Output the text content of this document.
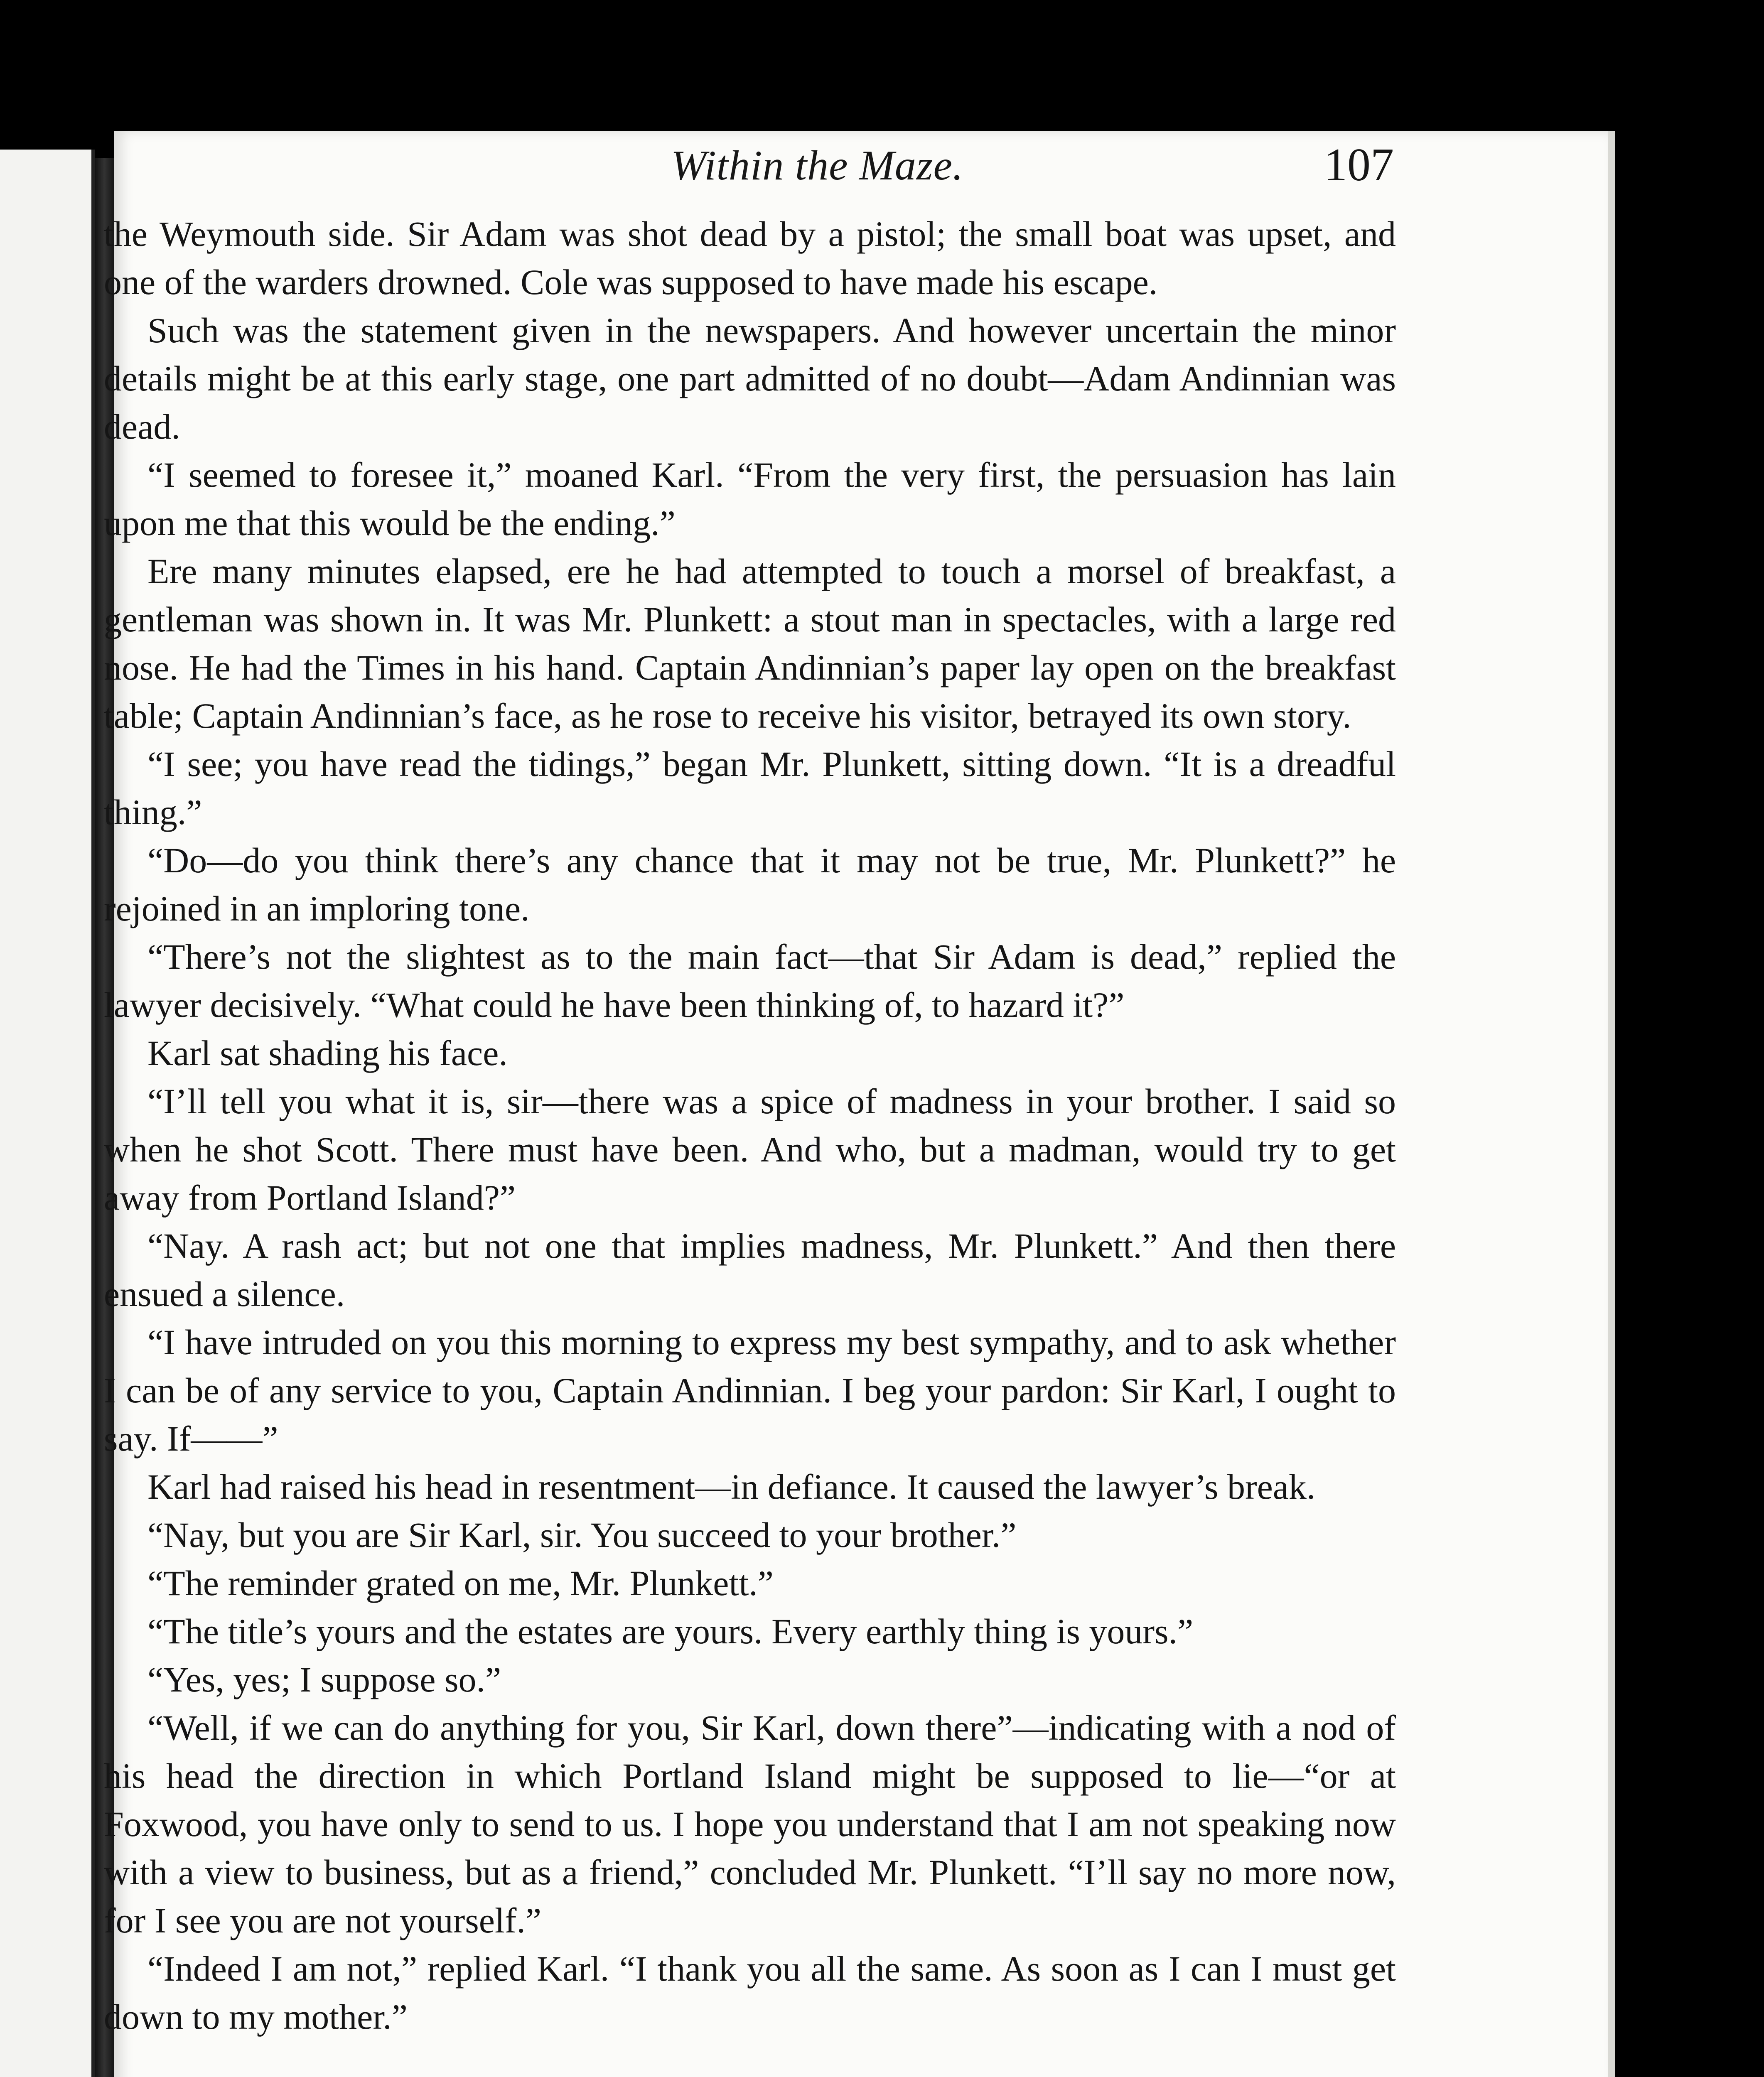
Within the Maze.	107

the Weymouth side. Sir Adam was shot dead by a pistol; the small boat was upset, and one of the warders drowned. Cole was supposed to have made his escape.

Such was the statement given in the newspapers. And however uncertain the minor details might be at this early stage, one part admitted of no doubt—Adam Andinnian was dead.

“I seemed to foresee it,” moaned Karl. “From the very first, the persuasion has lain upon me that this would be the ending.”

Ere many minutes elapsed, ere he had attempted to touch a morsel of breakfast, a gentleman was shown in. It was Mr. Plunkett: a stout man in spectacles, with a large red nose. He had the Times in his hand. Captain Andinnian’s paper lay open on the breakfast table; Captain Andinnian’s face, as he rose to receive his visitor, betrayed its own story.

“I see; you have read the tidings,” began Mr. Plunkett, sitting down. “It is a dreadful thing.”

“Do—do you think there’s any chance that it may not be true, Mr. Plunkett?” he rejoined in an imploring tone.

“There’s not the slightest as to the main fact—that Sir Adam is dead,” replied the lawyer decisively. “What could he have been thinking of, to hazard it?”

Karl sat shading his face.

“I’ll tell you what it is, sir—there was a spice of madness in your brother. I said so when he shot Scott. There must have been. And who, but a madman, would try to get away from Portland Island?”

“Nay. A rash act; but not one that implies madness, Mr. Plunkett.” And then there ensued a silence.

“I have intruded on you this morning to express my best sympathy, and to ask whether I can be of any service to you, Captain Andinnian. I beg your pardon: Sir Karl, I ought to say. If——”

Karl had raised his head in resentment—in defiance. It caused the lawyer’s break.

“Nay, but you are Sir Karl, sir. You succeed to your brother.”

“The reminder grated on me, Mr. Plunkett.”

“The title’s yours and the estates are yours. Every earthly thing is yours.”

“Yes, yes; I suppose so.”

“Well, if we can do anything for you, Sir Karl, down there”—indicating with a nod of his head the direction in which Portland Island might be supposed to lie—“or at Foxwood, you have only to send to us. I hope you understand that I am not speaking now with a view to business, but as a friend,” concluded Mr. Plunkett. “I’ll say no more now, for I see you are not yourself.”

“Indeed I am not,” replied Karl. “I thank you all the same. As soon as I can I must get down to my mother.”
